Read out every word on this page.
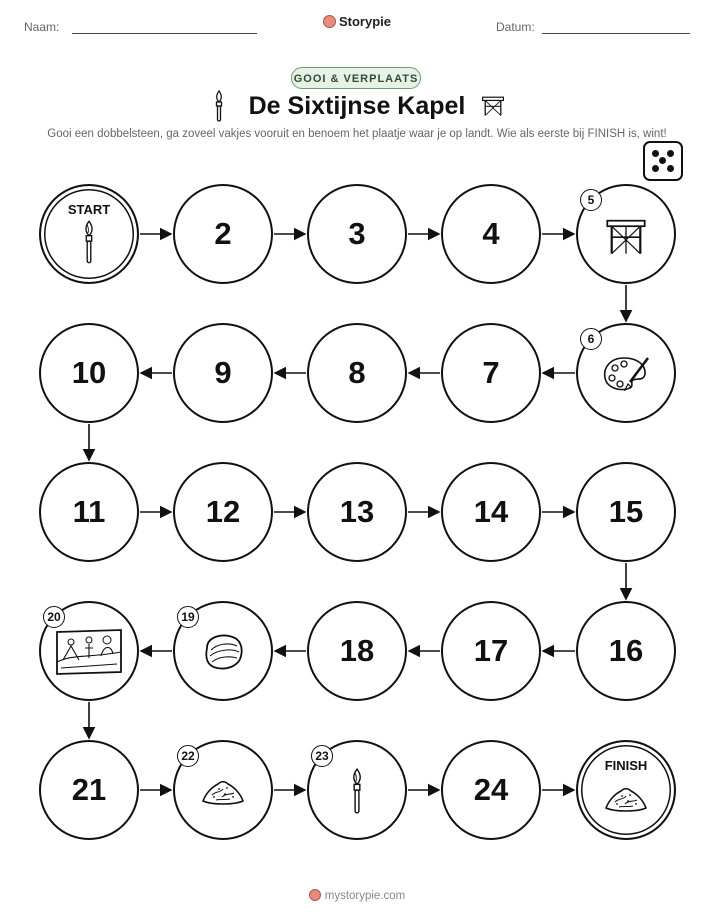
Naam:	Storypie	Datum:
GOOI & VERPLAATS
De Sixtijnse Kapel
Gooi een dobbelsteen, ga zoveel vakjes vooruit en benoem het plaatje waar je op landt. Wie als eerste bij FINISH is, wint!
START
2	3	4
5
6
7
8
9
10
11	12	13	14	15
16
17
18
19
20
21
22	23
24
FINISH
mystorypie.com
